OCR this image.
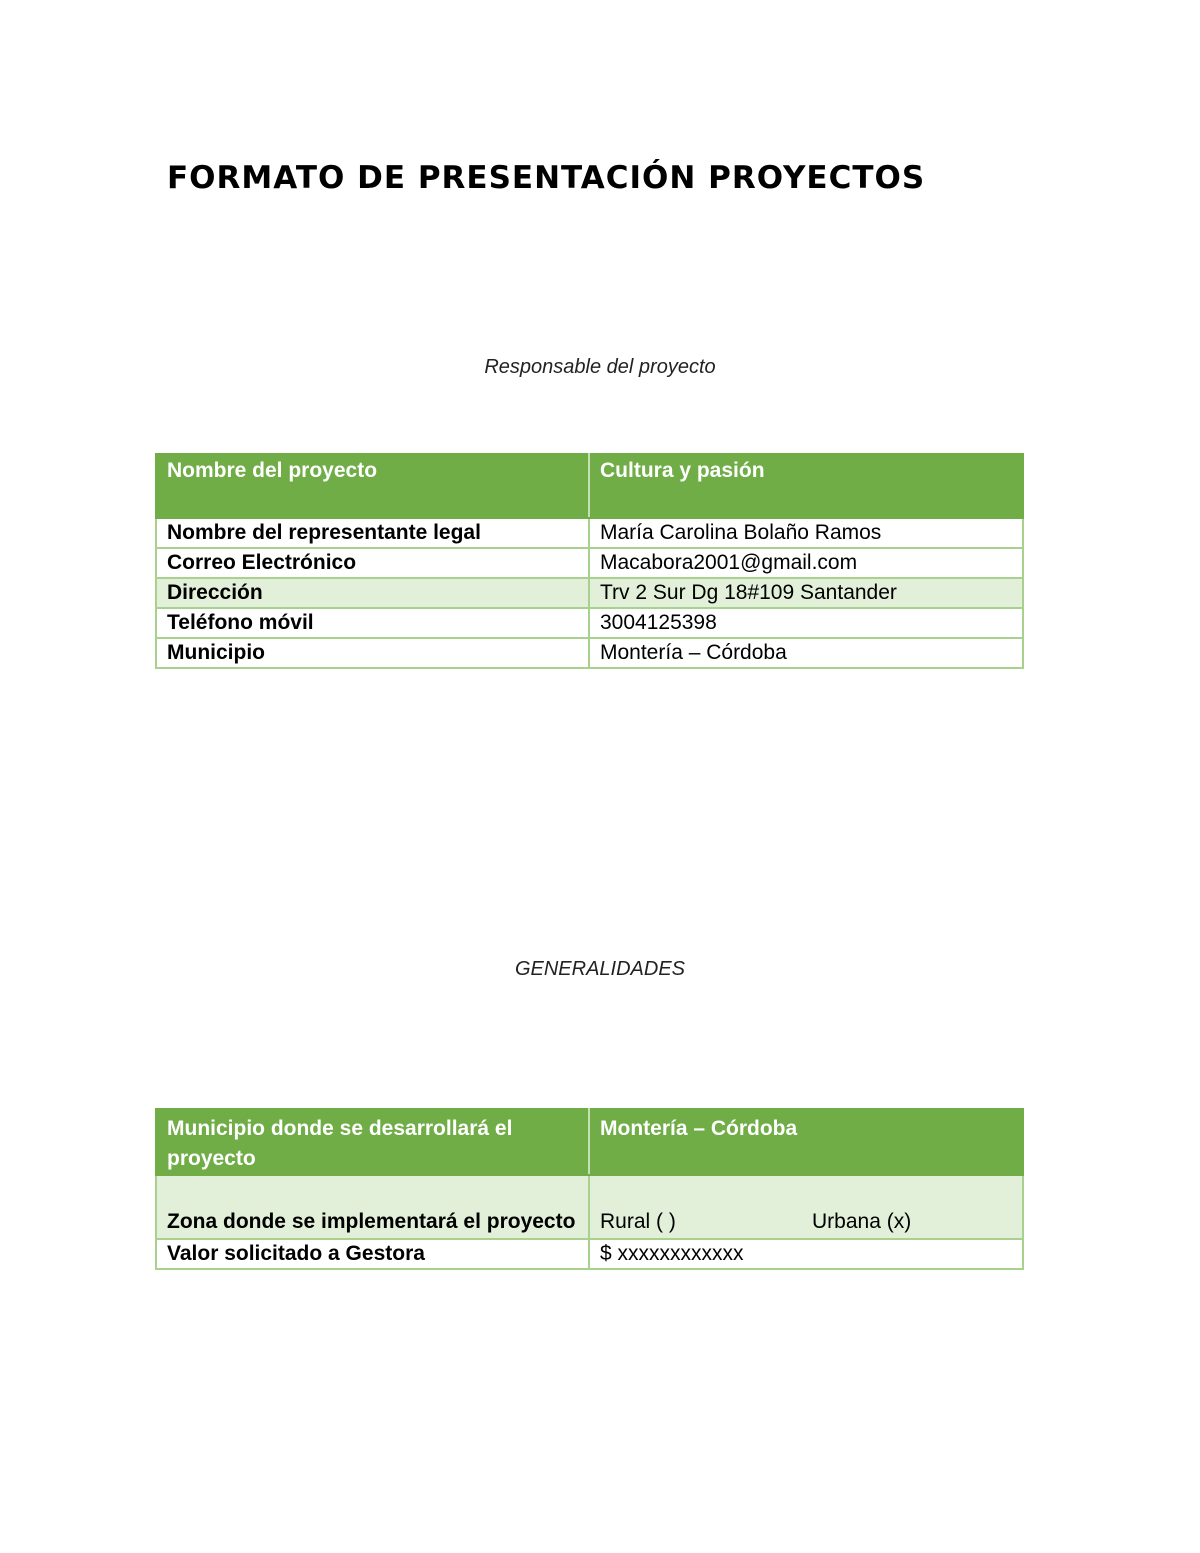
FORMATO DE PRESENTACIÓN PROYECTOS
Responsable del proyecto
Nombre del proyecto	Cultura y pasión
Nombre del representante legal	María Carolina Bolaño Ramos
Correo Electrónico	Macabora2001@gmail.com
Dirección	Trv 2 Sur Dg 18#109 Santander
Teléfono móvil	3004125398
Municipio	Montería – Córdoba
GENERALIDADES
Municipio donde se desarrollará el proyecto	Montería – Córdoba
Zona donde se implementará el proyecto	Rural ( ) Urbana (x)

Valor solicitado a Gestora	$ xxxxxxxxxxxx
